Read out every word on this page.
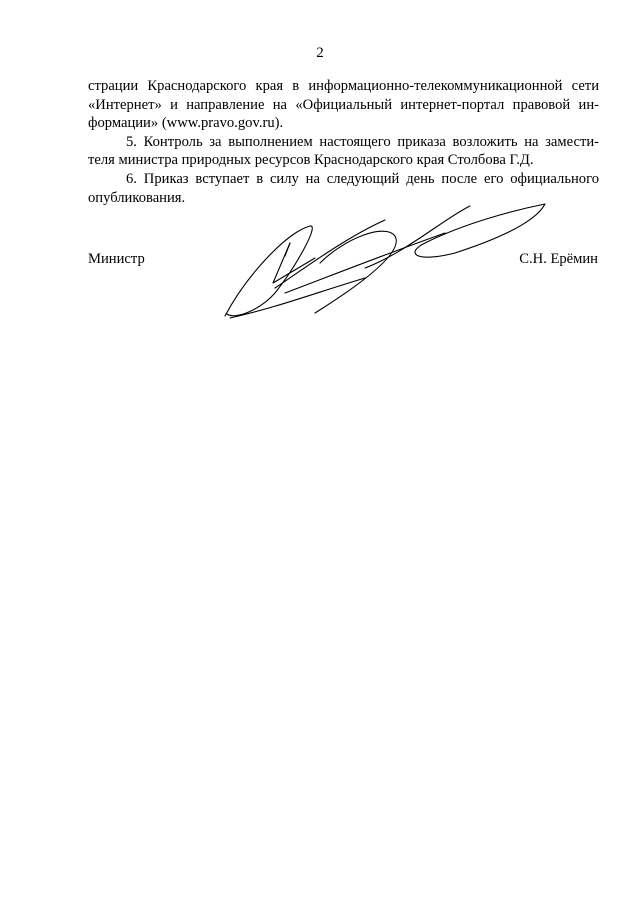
2
страции Краснодарского края в информационно-телекоммуникационной сети
«Интернет» и направление на «Официальный интернет-портал правовой ин-
формации» (www.pravo.gov.ru).
5. Контроль за выполнением настоящего приказа возложить на замести-
теля министра природных ресурсов Краснодарского края Столбова Г.Д.
6. Приказ вступает в силу на следующий день после его официального
опубликования.
Министр	С.Н. Ерёмин
